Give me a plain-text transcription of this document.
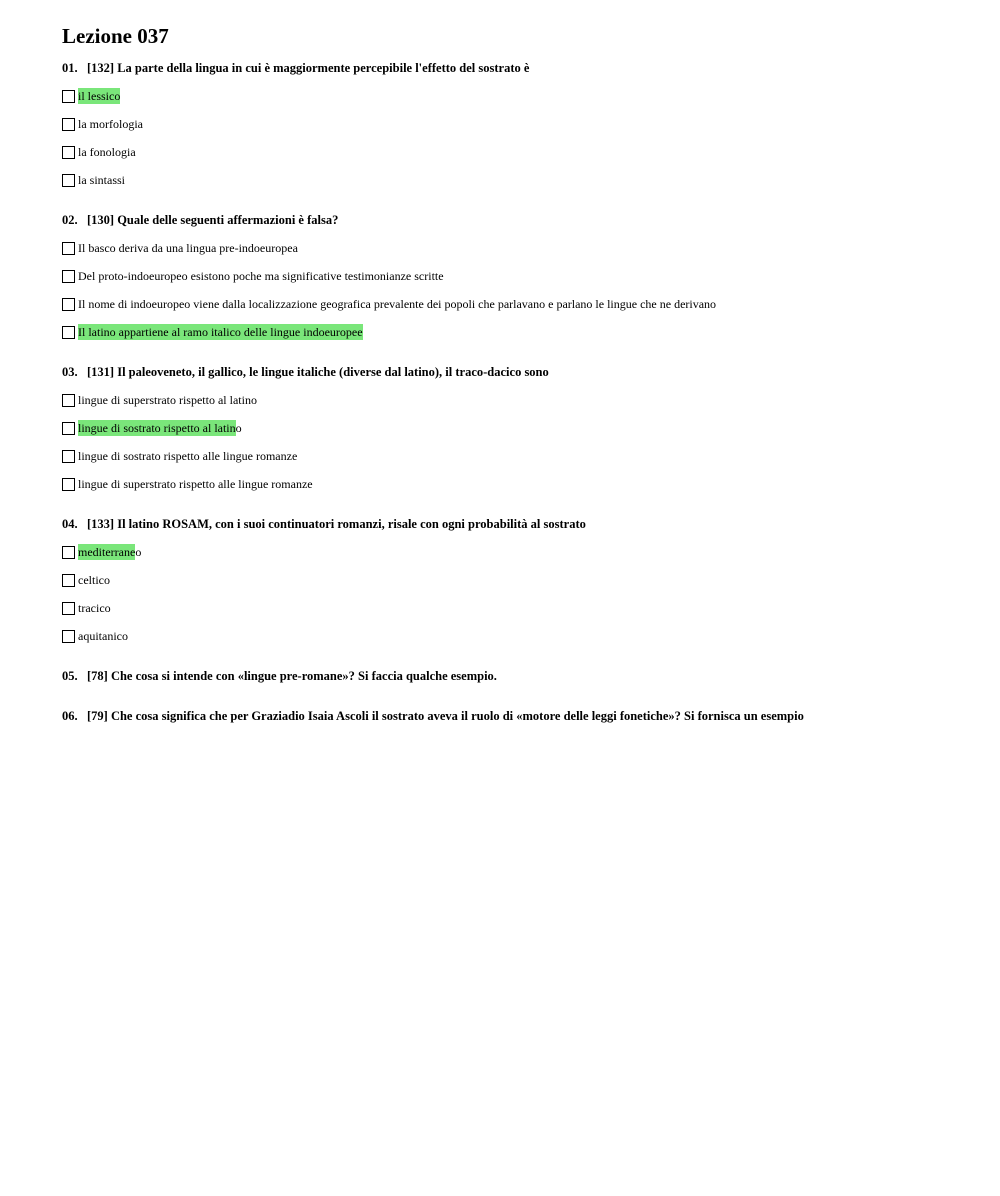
Lezione 037
01. [132] La parte della lingua in cui è maggiormente percepibile l'effetto del sostrato è
il lessico
la morfologia
la fonologia
la sintassi
02. [130] Quale delle seguenti affermazioni è falsa?
Il basco deriva da una lingua pre-indoeuropea
Del proto-indoeuropeo esistono poche ma significative testimonianze scritte
Il nome di indoeuropeo viene dalla localizzazione geografica prevalente dei popoli che parlavano e parlano le lingue che ne derivano
Il latino appartiene al ramo italico delle lingue indoeuropee
03. [131] Il paleoveneto, il gallico, le lingue italiche (diverse dal latino), il traco-dacico sono
lingue di superstrato rispetto al latino
lingue di sostrato rispetto al latin o
lingue di sostrato rispetto alle lingue romanze
lingue di superstrato rispetto alle lingue romanze
04. [133] Il latino ROSAM, con i suoi continuatori romanzi, risale con ogni probabilità al sostrato
mediterrane o
celtico
tracico
aquitanico
05. [78] Che cosa si intende con «lingue pre-romane»? Si faccia qualche esempio.
06. [79] Che cosa significa che per Graziadio Isaia Ascoli il sostrato aveva il ruolo di «motore delle leggi fonetiche»? Si fornisca un esempio
